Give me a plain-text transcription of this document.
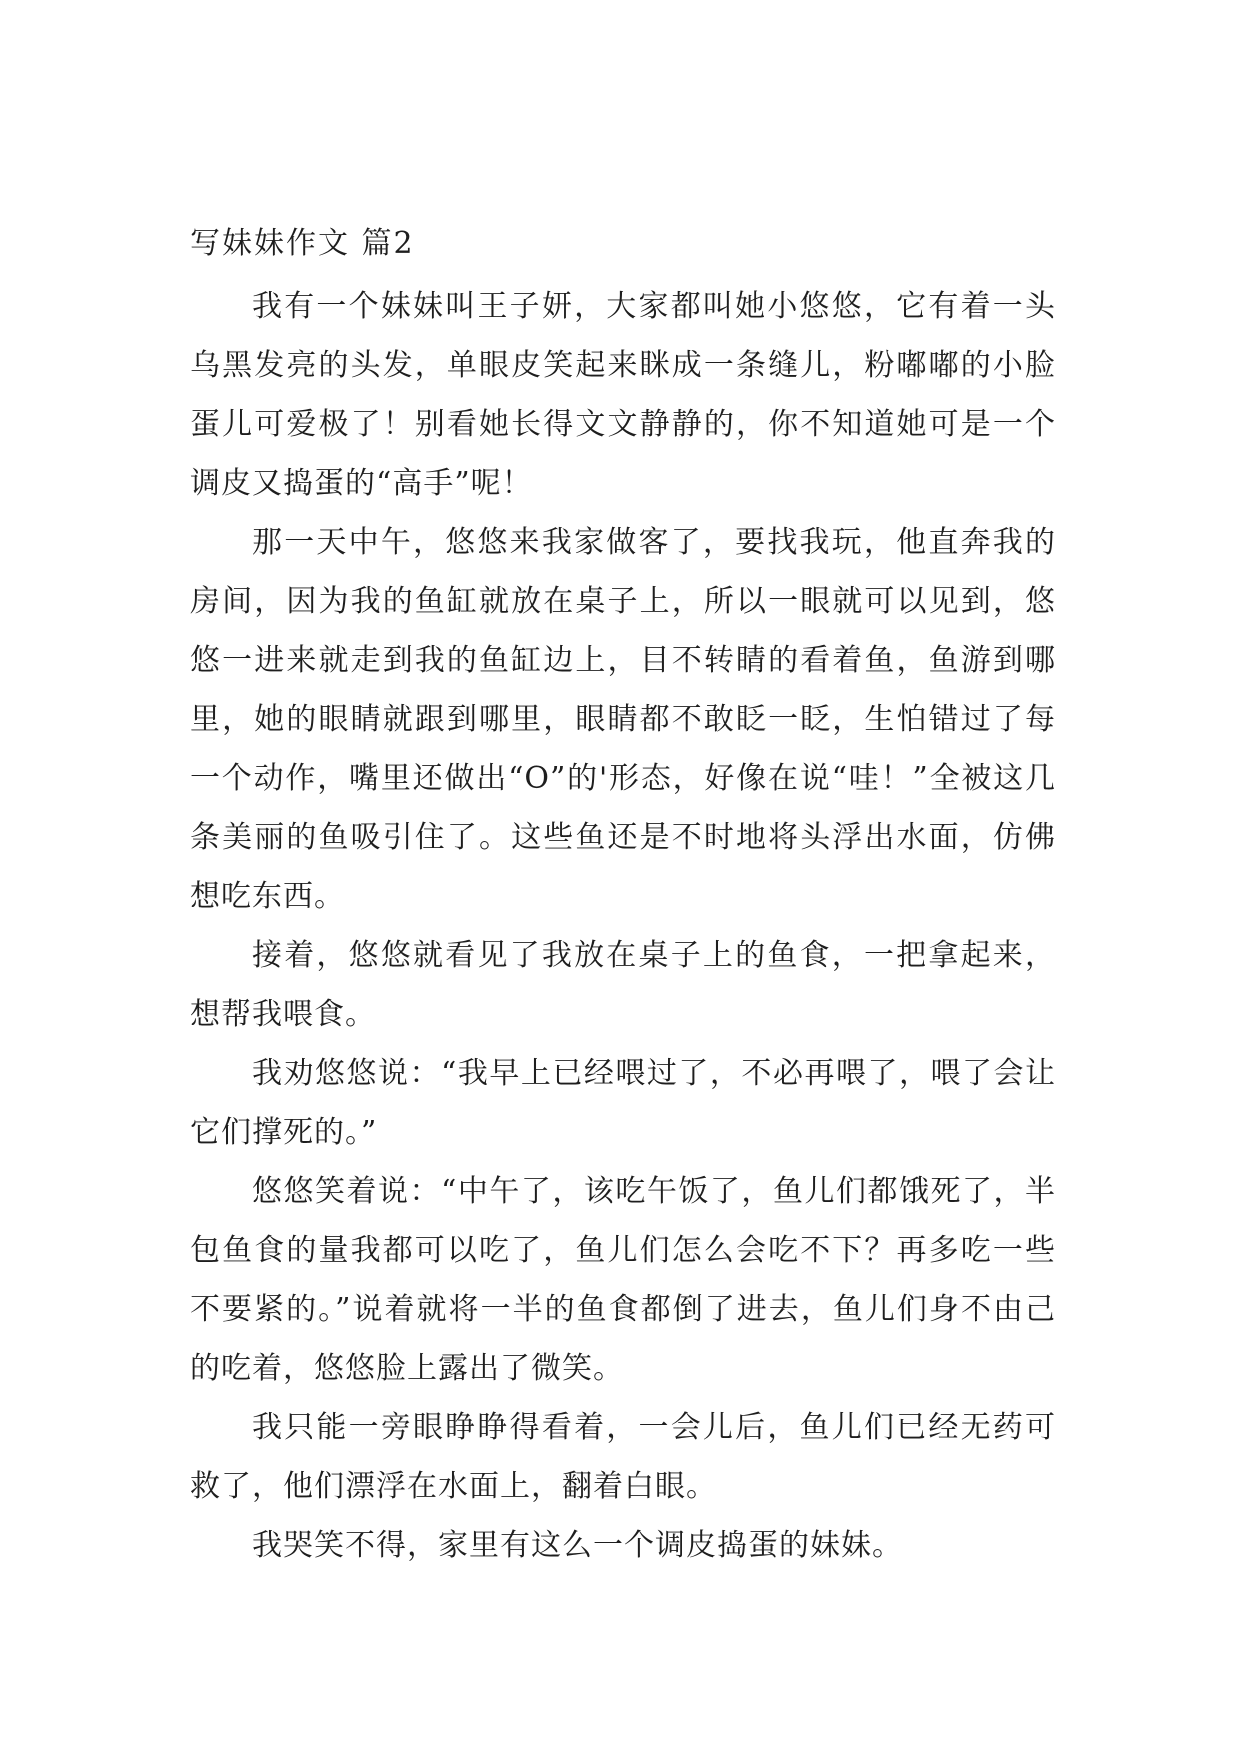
写妹妹作文 篇2

我有一个妹妹叫王子妍，大家都叫她小悠悠，它有着一头乌黑发亮的头发，单眼皮笑起来眯成一条缝儿，粉嘟嘟的小脸蛋儿可爱极了！别看她长得文文静静的，你不知道她可是一个调皮又捣蛋的“高手”呢！

那一天中午，悠悠来我家做客了，要找我玩，他直奔我的房间，因为我的鱼缸就放在桌子上，所以一眼就可以见到，悠悠一进来就走到我的鱼缸边上，目不转睛的看着鱼，鱼游到哪里，她的眼睛就跟到哪里，眼睛都不敢眨一眨，生怕错过了每一个动作，嘴里还做出“O”的'形态，好像在说“哇！”全被这几条美丽的鱼吸引住了。这些鱼还是不时地将头浮出水面，仿佛想吃东西。

接着，悠悠就看见了我放在桌子上的鱼食，一把拿起来，想帮我喂食。

我劝悠悠说：“我早上已经喂过了，不必再喂了，喂了会让它们撑死的。”

悠悠笑着说：“中午了，该吃午饭了，鱼儿们都饿死了，半包鱼食的量我都可以吃了，鱼儿们怎么会吃不下？再多吃一些不要紧的。”说着就将一半的鱼食都倒了进去，鱼儿们身不由己的吃着，悠悠脸上露出了微笑。

我只能一旁眼睁睁得看着，一会儿后，鱼儿们已经无药可救了，他们漂浮在水面上，翻着白眼。

我哭笑不得，家里有这么一个调皮捣蛋的妹妹。
